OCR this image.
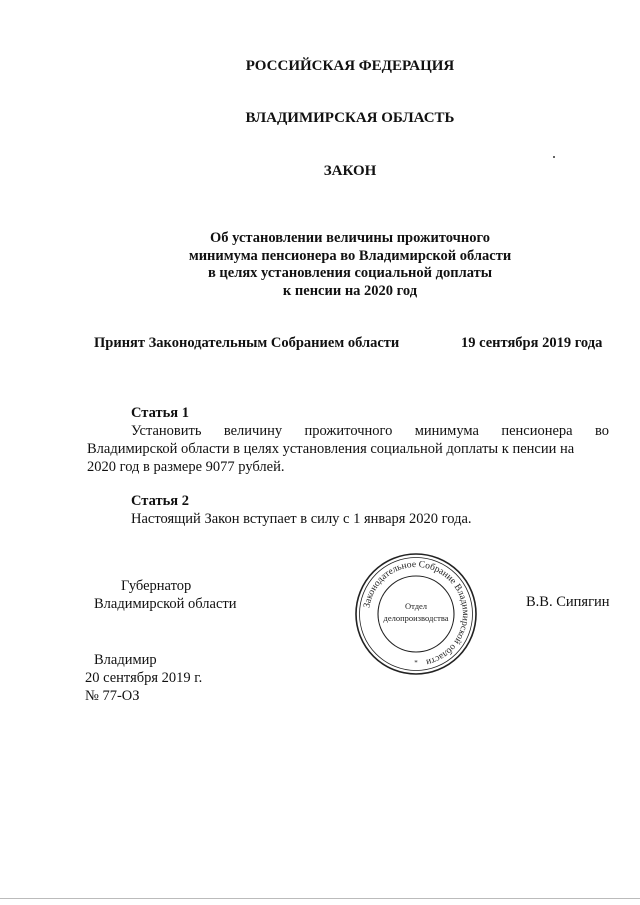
РОССИЙСКАЯ ФЕДЕРАЦИЯ
ВЛАДИМИРСКАЯ ОБЛАСТЬ
ЗАКОН
Об установлении величины прожиточного
минимума пенсионера во Владимирской области
в целях установления социальной доплаты
к пенсии на 2020 год
Принят Законодательным Собранием области	19 сентября 2019 года
Статья 1
Установить величину прожиточного минимума пенсионера во
Владимирской области в целях установления социальной доплаты к пенсии на
2020 год в размере 9077 рублей.
Статья 2
Настоящий Закон вступает в силу с 1 января 2020 года.
Губернатор
Владимирской области	В.В. Сипягин
Законодательное Собрание Владимирской области
Отдел
делопроизводства
*
Владимир
20 сентября 2019 г.
№ 77-ОЗ
